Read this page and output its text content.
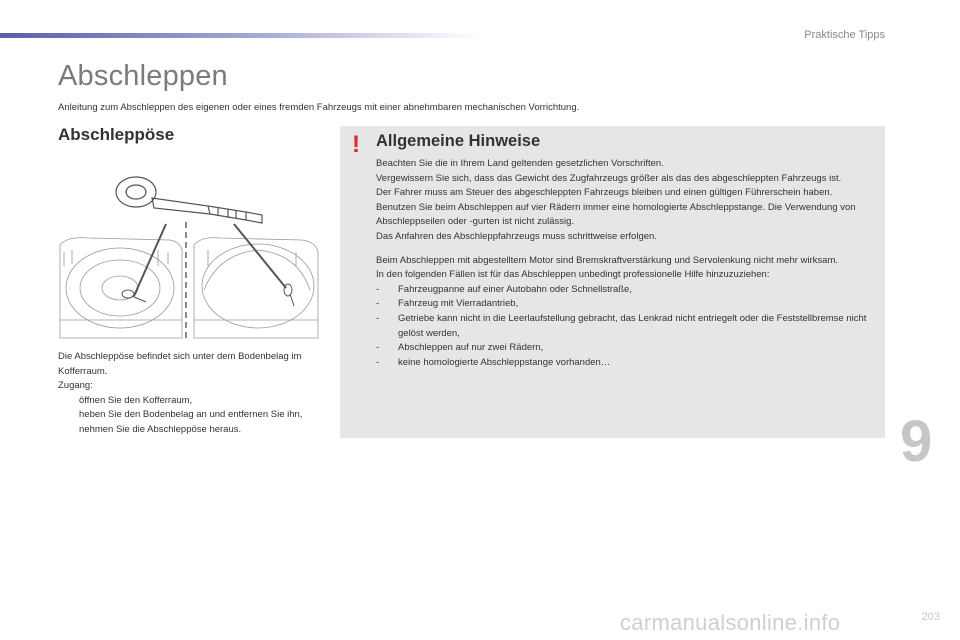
Praktische Tipps
Abschleppen
Anleitung zum Abschleppen des eigenen oder eines fremden Fahrzeugs mit einer abnehmbaren mechanischen Vorrichtung.
Abschleppöse

Die Abschleppöse befindet sich unter dem Bodenbelag im Kofferraum.

Zugang:

öffnen Sie den Kofferraum,
heben Sie den Bodenbelag an und entfernen Sie ihn,
nehmen Sie die Abschleppöse heraus.
! Allgemeine Hinweise

Beachten Sie die in Ihrem Land geltenden gesetzlichen Vorschriften.

Vergewissern Sie sich, dass das Gewicht des Zugfahrzeugs größer als das des abgeschleppten Fahrzeugs ist.

Der Fahrer muss am Steuer des abgeschleppten Fahrzeugs bleiben und einen gültigen Führerschein haben.

Benutzen Sie beim Abschleppen auf vier Rädern immer eine homologierte Abschleppstange. Die Verwendung von Abschleppseilen oder -gurten ist nicht zulässig.

Das Anfahren des Abschleppfahrzeugs muss schrittweise erfolgen.

Beim Abschleppen mit abgestelltem Motor sind Bremskraftverstärkung und Servolenkung nicht mehr wirksam.

In den folgenden Fällen ist für das Abschleppen unbedingt professionelle Hilfe hinzuzuziehen:

- Fahrzeugpanne auf einer Autobahn oder Schnellstraße,
- Fahrzeug mit Vierradantrieb,
- Getriebe kann nicht in die Leerlaufstellung gebracht, das Lenkrad nicht entriegelt oder die Feststellbremse nicht gelöst werden,
- Abschleppen auf nur zwei Rädern,
- keine homologierte Abschleppstange vorhanden…
9
carmanualsonline.info	203
